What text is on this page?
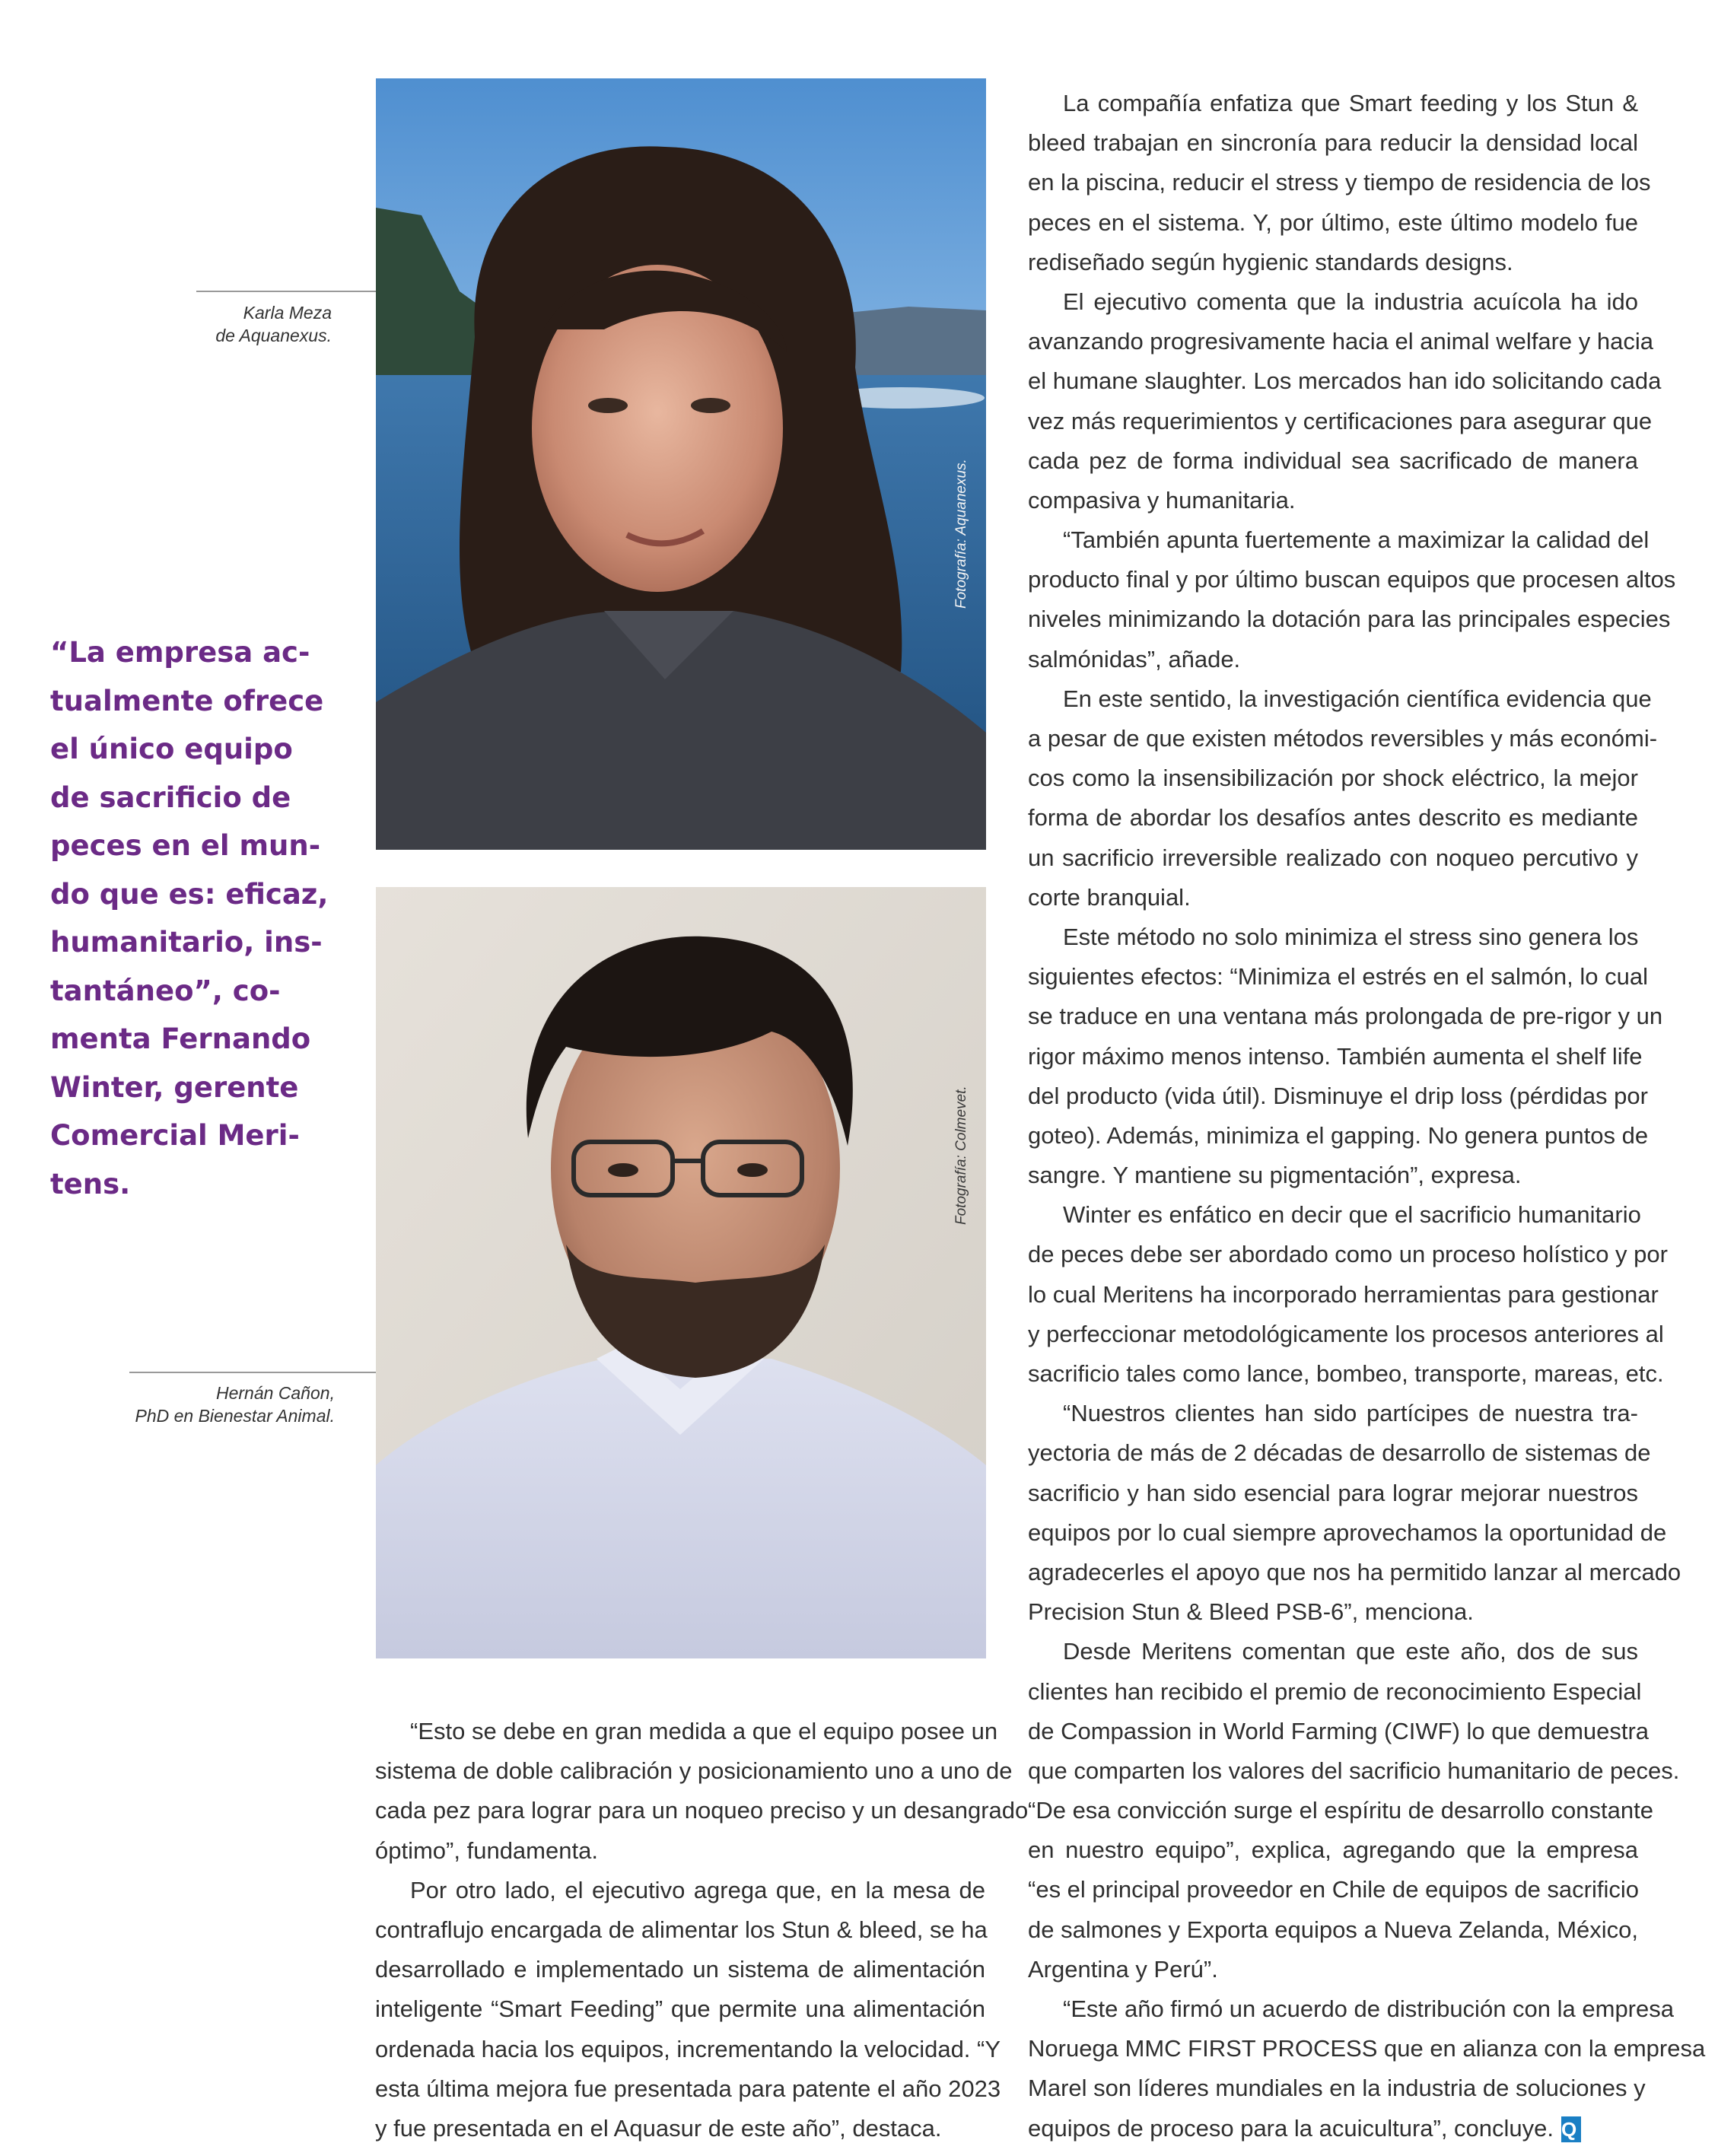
Fotografía: Aquanexus.
Karla Meza
de Aquanexus.
“La empresa ac-
tualmente ofrece
el único equipo
de sacrificio de
peces en el mun-
do que es: eficaz,
humanitario, ins-
tantáneo”, co-
menta Fernando
Winter, gerente
Comercial Meri-
tens.	Fotografía: Colmevet.
Hernán Cañon,
PhD en Bienestar Animal.
“Esto se debe en gran medida a que el equipo posee un
sistema de doble calibración y posicionamiento uno a uno de
cada pez para lograr para un noqueo preciso y un desangrado
óptimo”, fundamenta.
Por otro lado, el ejecutivo agrega que, en la mesa de
contraflujo encargada de alimentar los Stun & bleed, se ha
desarrollado e implementado un sistema de alimentación
inteligente “Smart Feeding” que permite una alimentación
ordenada hacia los equipos, incrementando la velocidad. “Y
esta última mejora fue presentada para patente el año 2023
y fue presentada en el Aquasur de este año”, destaca.
La compañía enfatiza que Smart feeding y los Stun &
bleed trabajan en sincronía para reducir la densidad local
en la piscina, reducir el stress y tiempo de residencia de los
peces en el sistema. Y, por último, este último modelo fue
rediseñado según hygienic standards designs.
El ejecutivo comenta que la industria acuícola ha ido
avanzando progresivamente hacia el animal welfare y hacia
el humane slaughter. Los mercados han ido solicitando cada
vez más requerimientos y certificaciones para asegurar que
cada pez de forma individual sea sacrificado de manera
compasiva y humanitaria.
“También apunta fuertemente a maximizar la calidad del
producto final y por último buscan equipos que procesen altos
niveles minimizando la dotación para las principales especies
salmónidas”, añade.
En este sentido, la investigación científica evidencia que
a pesar de que existen métodos reversibles y más económi-
cos como la insensibilización por shock eléctrico, la mejor
forma de abordar los desafíos antes descrito es mediante
un sacrificio irreversible realizado con noqueo percutivo y
corte branquial.
Este método no solo minimiza el stress sino genera los
siguientes efectos: “Minimiza el estrés en el salmón, lo cual
se traduce en una ventana más prolongada de pre-rigor y un
rigor máximo menos intenso. También aumenta el shelf life
del producto (vida útil). Disminuye el drip loss (pérdidas por
goteo). Además, minimiza el gapping. No genera puntos de
sangre. Y mantiene su pigmentación”, expresa.
Winter es enfático en decir que el sacrificio humanitario
de peces debe ser abordado como un proceso holístico y por
lo cual Meritens ha incorporado herramientas para gestionar
y perfeccionar metodológicamente los procesos anteriores al
sacrificio tales como lance, bombeo, transporte, mareas, etc.
“Nuestros clientes han sido partícipes de nuestra tra-
yectoria de más de 2 décadas de desarrollo de sistemas de
sacrificio y han sido esencial para lograr mejorar nuestros
equipos por lo cual siempre aprovechamos la oportunidad de
agradecerles el apoyo que nos ha permitido lanzar al mercado
Precision Stun & Bleed PSB-6”, menciona.
Desde Meritens comentan que este año, dos de sus
clientes han recibido el premio de reconocimiento Especial
de Compassion in World Farming (CIWF) lo que demuestra
que comparten los valores del sacrificio humanitario de peces.
“De esa convicción surge el espíritu de desarrollo constante
en nuestro equipo”, explica, agregando que la empresa
“es el principal proveedor en Chile de equipos de sacrificio
de salmones y Exporta equipos a Nueva Zelanda, México,
Argentina y Perú”.
“Este año firmó un acuerdo de distribución con la empresa
Noruega MMC FIRST PROCESS que en alianza con la empresa
Marel son líderes mundiales en la industria de soluciones y
equipos de proceso para la acuicultura”, concluye. Q
